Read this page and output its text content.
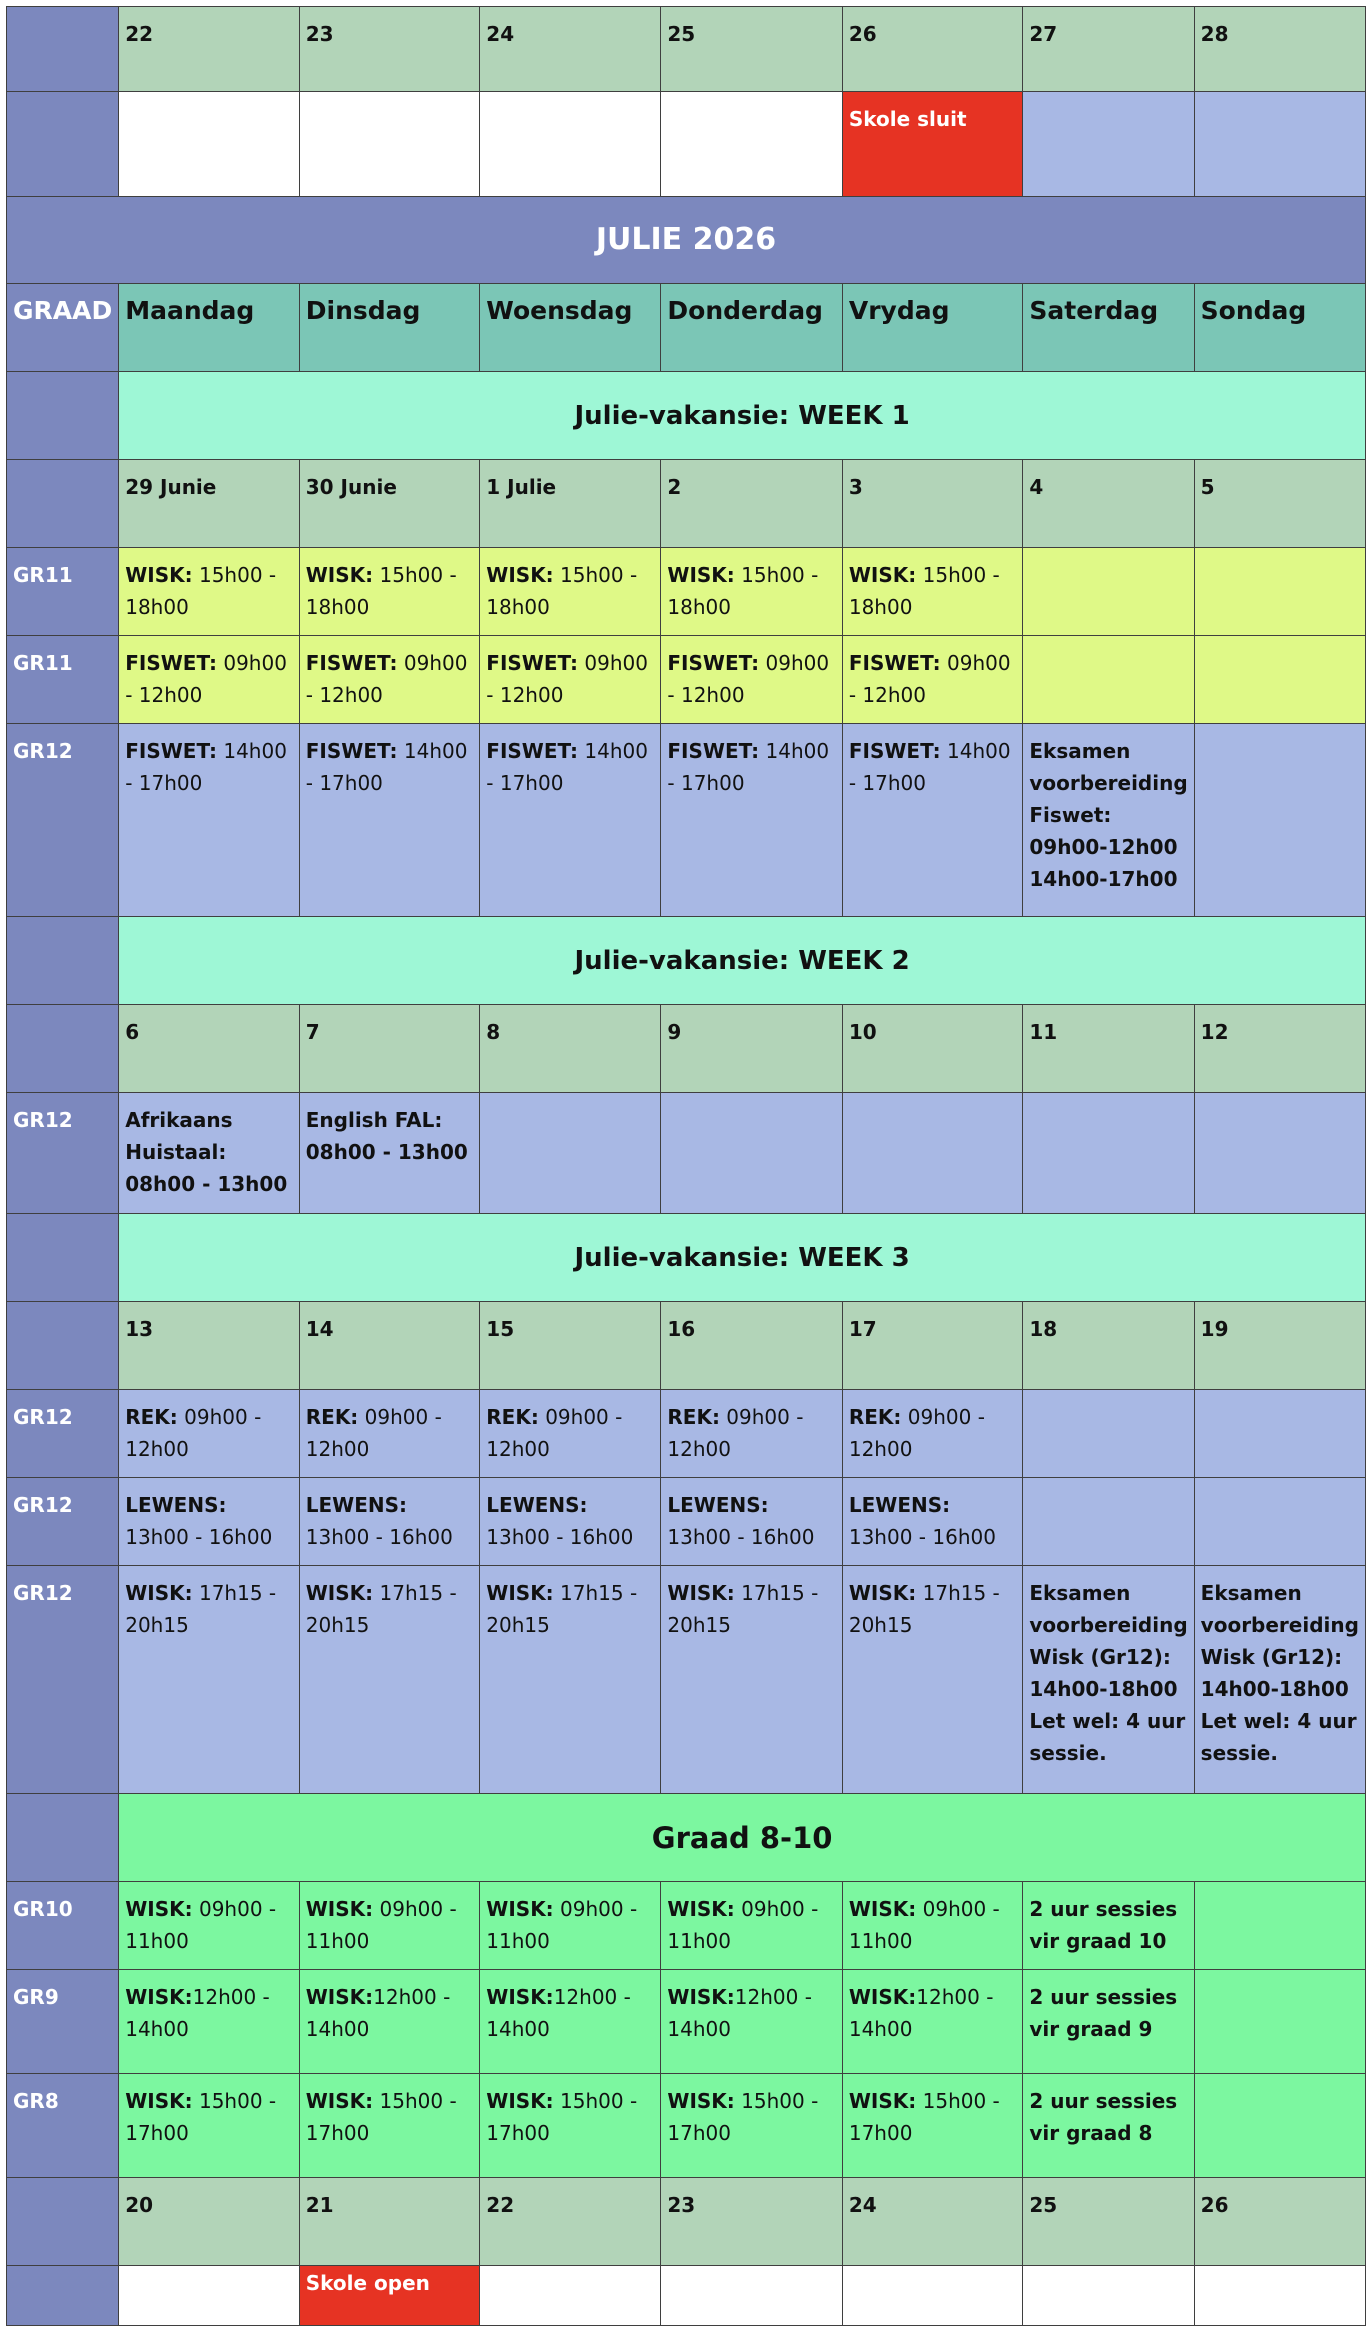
	22	23	24	25	26	27	28
					Skole sluit		
JULIE 2026							
GRAAD	Maandag	Dinsdag	Woensdag	Donderdag	Vrydag	Saterdag	Sondag
	Julie-vakansie: WEEK 1						
	29 Junie	30 Junie	1 Julie	2	3	4	5
GR11	WISK: 15h00 - 18h00	WISK: 15h00 - 18h00	WISK: 15h00 - 18h00	WISK: 15h00 - 18h00	WISK: 15h00 - 18h00		
GR11	FISWET: 09h00 - 12h00	FISWET: 09h00 - 12h00	FISWET: 09h00 - 12h00	FISWET: 09h00 - 12h00	FISWET: 09h00 - 12h00		
GR12	FISWET: 14h00 - 17h00	FISWET: 14h00 - 17h00	FISWET: 14h00 - 17h00	FISWET: 14h00 - 17h00	FISWET: 14h00 - 17h00	Eksamen voorbereiding Fiswet: 09h00-12h00 14h00-17h00	
	Julie-vakansie: WEEK 2						
	6	7	8	9	10	11	12
GR12	Afrikaans Huistaal: 08h00 - 13h00	English FAL: 08h00 - 13h00					
	Julie-vakansie: WEEK 3						
	13	14	15	16	17	18	19
GR12	REK: 09h00 - 12h00	REK: 09h00 - 12h00	REK: 09h00 - 12h00	REK: 09h00 - 12h00	REK: 09h00 - 12h00		
GR12	LEWENS: 13h00 - 16h00	LEWENS: 13h00 - 16h00	LEWENS: 13h00 - 16h00	LEWENS: 13h00 - 16h00	LEWENS: 13h00 - 16h00		
GR12	WISK: 17h15 - 20h15	WISK: 17h15 - 20h15	WISK: 17h15 - 20h15	WISK: 17h15 - 20h15	WISK: 17h15 - 20h15	Eksamen voorbereiding Wisk (Gr12): 14h00-18h00 Let wel: 4 uur sessie.	Eksamen voorbereiding Wisk (Gr12): 14h00-18h00 Let wel: 4 uur sessie.
	Graad 8-10						
GR10	WISK: 09h00 - 11h00	WISK: 09h00 - 11h00	WISK: 09h00 - 11h00	WISK: 09h00 - 11h00	WISK: 09h00 - 11h00	2 uur sessies vir graad 10	
GR9	WISK:12h00 - 14h00	WISK:12h00 - 14h00	WISK:12h00 - 14h00	WISK:12h00 - 14h00	WISK:12h00 - 14h00	2 uur sessies vir graad 9	
GR8	WISK: 15h00 - 17h00	WISK: 15h00 - 17h00	WISK: 15h00 - 17h00	WISK: 15h00 - 17h00	WISK: 15h00 - 17h00	2 uur sessies vir graad 8	
	20	21	22	23	24	25	26
		Skole open					
